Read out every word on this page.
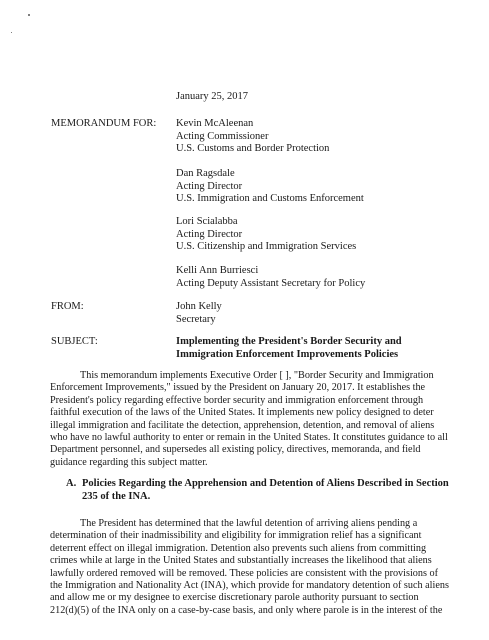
January 25, 2017
MEMORANDUM FOR: Kevin McAleenan
Acting Commissioner
U.S. Customs and Border Protection
Dan Ragsdale
Acting Director
U.S. Immigration and Customs Enforcement
Lori Scialabba
Acting Director
U.S. Citizenship and Immigration Services
Kelli Ann Burriesci
Acting Deputy Assistant Secretary for Policy
FROM:	John Kelly
Secretary
SUBJECT:	Implementing the President's Border Security and
Immigration Enforcement Improvements Policies
This memorandum implements Executive Order [ ], "Border Security and Immigration
Enforcement Improvements," issued by the President on January 20, 2017. It establishes the
President's policy regarding effective border security and immigration enforcement through
faithful execution of the laws of the United States. It implements new policy designed to deter
illegal immigration and facilitate the detection, apprehension, detention, and removal of aliens
who have no lawful authority to enter or remain in the United States. It constitutes guidance to all
Department personnel, and supersedes all existing policy, directives, memoranda, and field
guidance regarding this subject matter.
A. Policies Regarding the Apprehension and Detention of Aliens Described in Section
235 of the INA.
The President has determined that the lawful detention of arriving aliens pending a
determination of their inadmissibility and eligibility for immigration relief has a significant
deterrent effect on illegal immigration. Detention also prevents such aliens from committing
crimes while at large in the United States and substantially increases the likelihood that aliens
lawfully ordered removed will be removed. These policies are consistent with the provisions of
the Immigration and Nationality Act (INA), which provide for mandatory detention of such aliens
and allow me or my designee to exercise discretionary parole authority pursuant to section
212(d)(5) of the INA only on a case-by-case basis, and only where parole is in the interest of the
